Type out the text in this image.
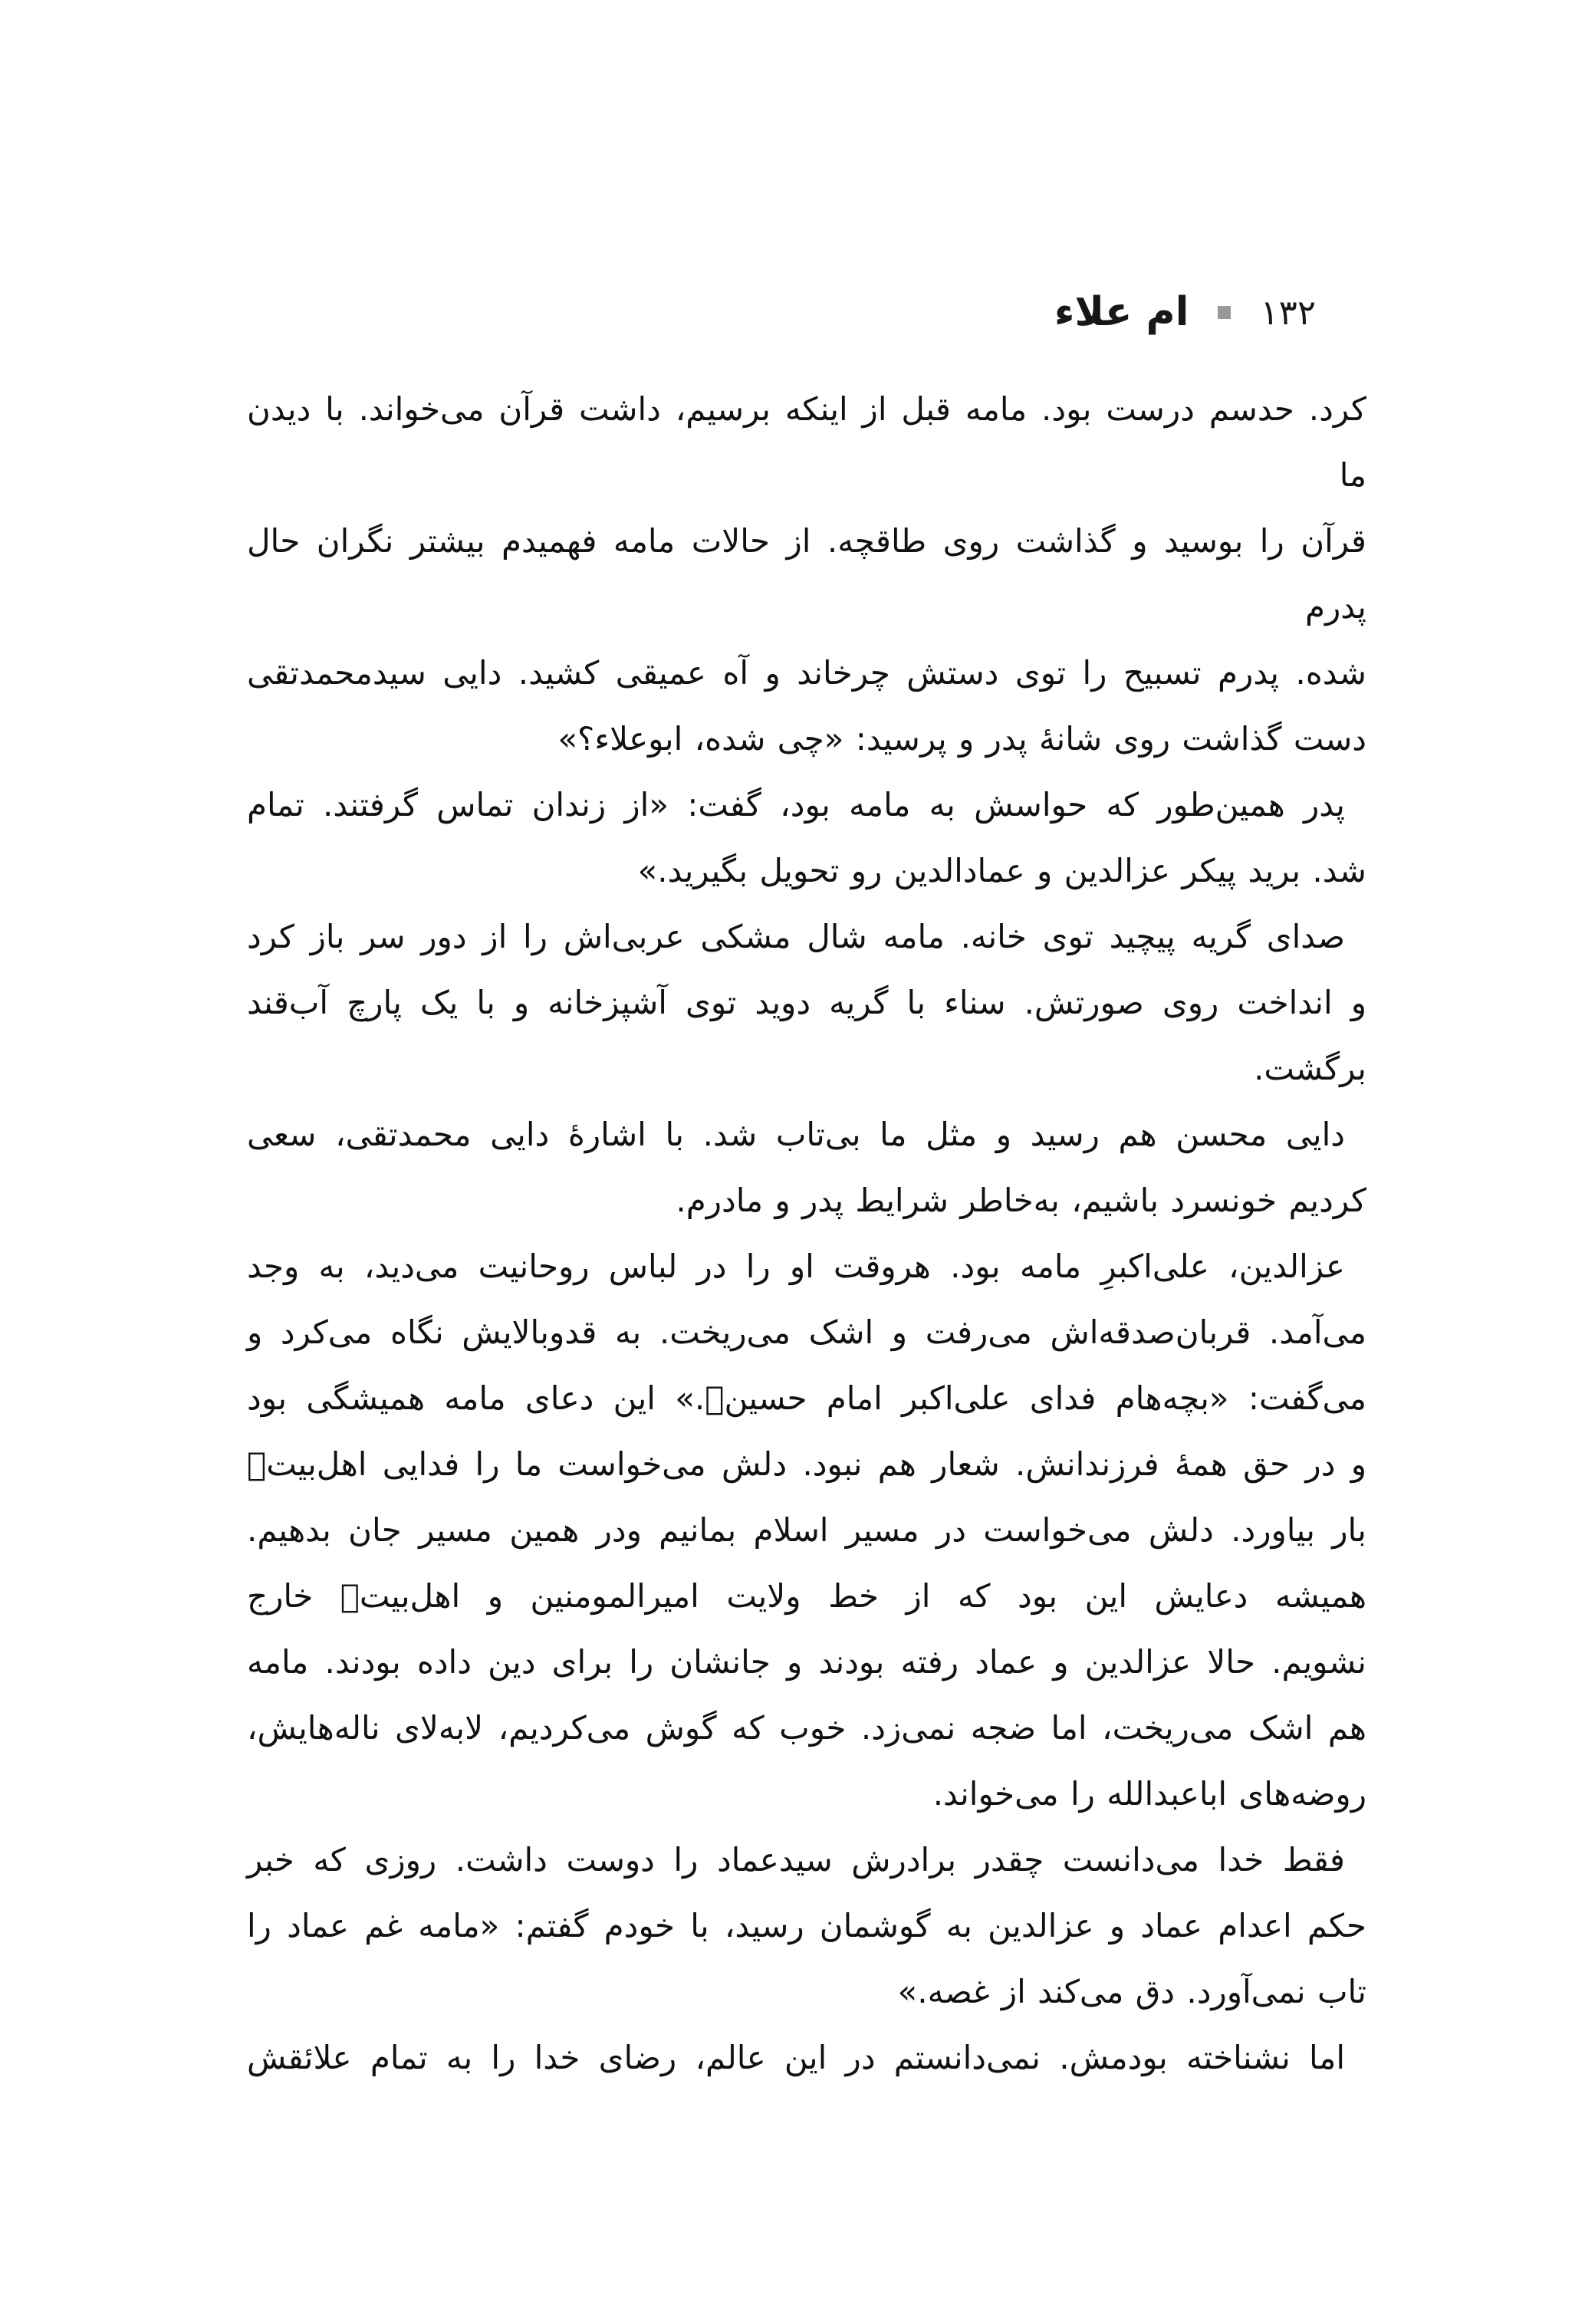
۱۳۲
ام علاء
کرد. حدسم درست بود. مامه قبل از اینکه برسیم، داشت قرآن می‌خواند. با دیدن ما
قرآن را بوسید و گذاشت روی طاقچه. از حالات مامه فهمیدم بیشتر نگران حال پدرم
شده. پدرم تسبیح را توی دستش چرخاند و آه عمیقی کشید. دایی سیدمحمدتقی
دست گذاشت روی شانهٔ پدر و پرسید: «چی شده، ابوعلاء؟»
پدر همین‌طور که حواسش به مامه بود، گفت: «از زندان تماس گرفتند. تمام
شد. برید پیکر عزالدین و عمادالدین رو تحویل بگیرید.»
صدای گریه پیچید توی خانه. مامه شال مشکی عربی‌اش را از دور سر باز کرد
و انداخت روی صورتش. سناء با گریه دوید توی آشپزخانه و با یک پارچ آب‌قند
برگشت.
دایی محسن هم رسید و مثل ما بی‌تاب شد. با اشارهٔ دایی محمدتقی، سعی
کردیم خونسرد باشیم، به‌خاطر شرایط پدر و مادرم.
عزالدین، علی‌اکبرِ مامه بود. هروقت او را در لباس روحانیت می‌دید، به وجد
می‌آمد. قربان‌صدقه‌اش می‌رفت و اشک می‌ریخت. به قدوبالایش نگاه می‌کرد و
می‌گفت: «بچه‌هام فدای علی‌اکبر امام حسینؑ.» این دعای مامه همیشگی بود
و در حق همهٔ فرزندانش. شعار هم نبود. دلش می‌خواست ما را فدایی اهل‌بیتؑ
بار بیاورد. دلش می‌خواست در مسیر اسلام بمانیم ودر همین مسیر جان بدهیم.
همیشه دعایش این بود که از خط ولایت امیرالمومنین و اهل‌بیتؑ خارج
نشویم. حالا عزالدین و عماد رفته بودند و جانشان را برای دین داده بودند. مامه
هم اشک می‌ریخت، اما ضجه نمی‌زد. خوب که گوش می‌کردیم، لابه‌لای ناله‌هایش،
روضه‌های اباعبدالله را می‌خواند.
فقط خدا می‌دانست چقدر برادرش سیدعماد را دوست داشت. روزی که خبر
حکم اعدام عماد و عزالدین به گوشمان رسید، با خودم گفتم: «مامه غم عماد را
تاب نمی‌آورد. دق می‌کند از غصه.»
اما نشناخته بودمش. نمی‌دانستم در این عالم، رضای خدا را به تمام علائقش
